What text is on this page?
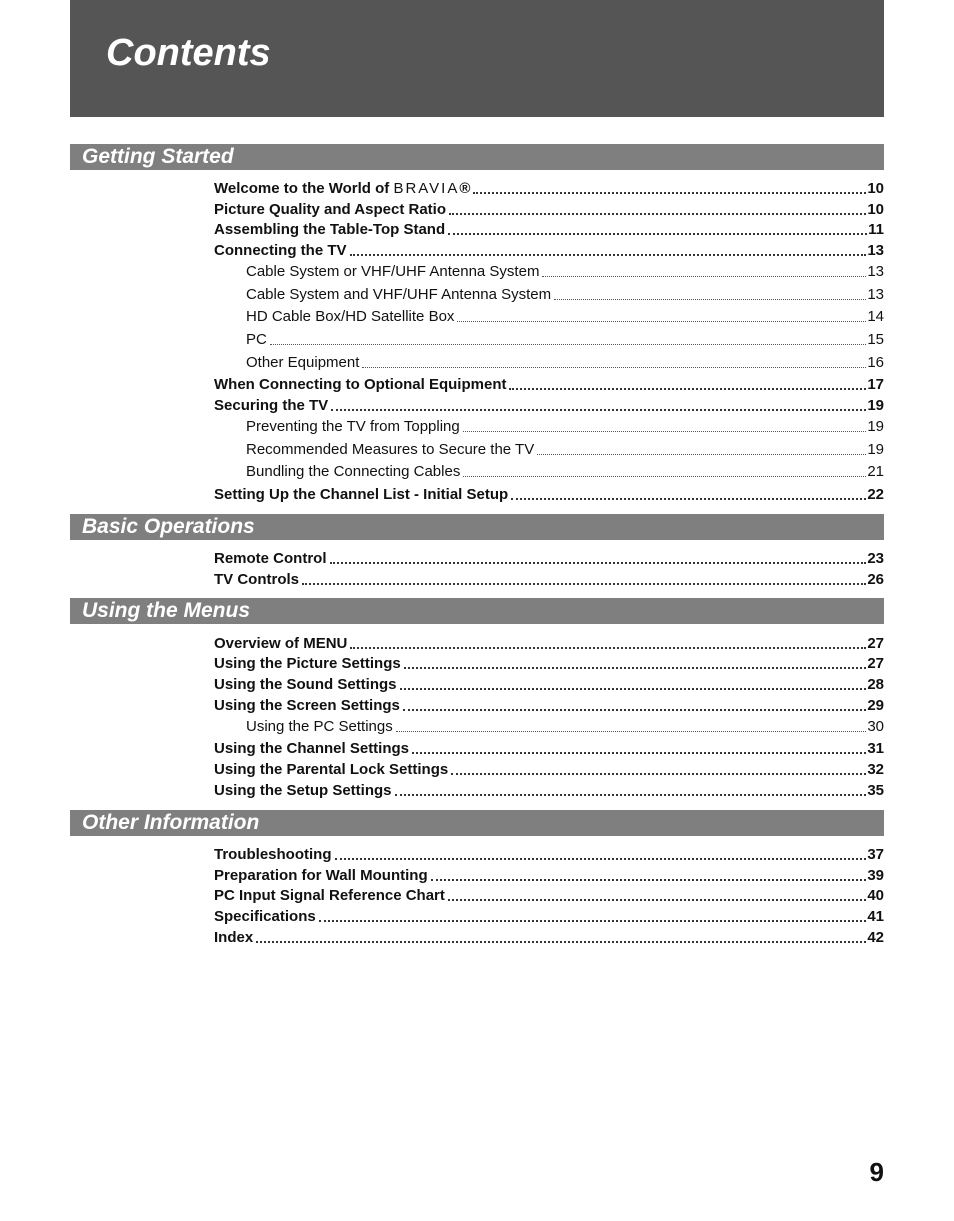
Contents
Getting Started
Welcome to the World of BRAVIA®	10
Picture Quality and Aspect Ratio	10
Assembling the Table-Top Stand	11
Connecting the TV	13
Cable System or VHF/UHF Antenna System	13
Cable System and VHF/UHF Antenna System	13
HD Cable Box/HD Satellite Box	14
PC	15
Other Equipment	16
When Connecting to Optional Equipment	17
Securing the TV	19
Preventing the TV from Toppling	19
Recommended Measures to Secure the TV	19
Bundling the Connecting Cables	21
Setting Up the Channel List - Initial Setup	22
Basic Operations
Remote Control	23
TV Controls	26
Using the Menus
Overview of MENU	27
Using the Picture Settings	27
Using the Sound Settings	28
Using the Screen Settings	29
Using the PC Settings	30
Using the Channel Settings	31
Using the Parental Lock Settings	32
Using the Setup Settings	35
Other Information
Troubleshooting	37
Preparation for Wall Mounting	39
PC Input Signal Reference Chart	40
Specifications	41
Index	42
9
